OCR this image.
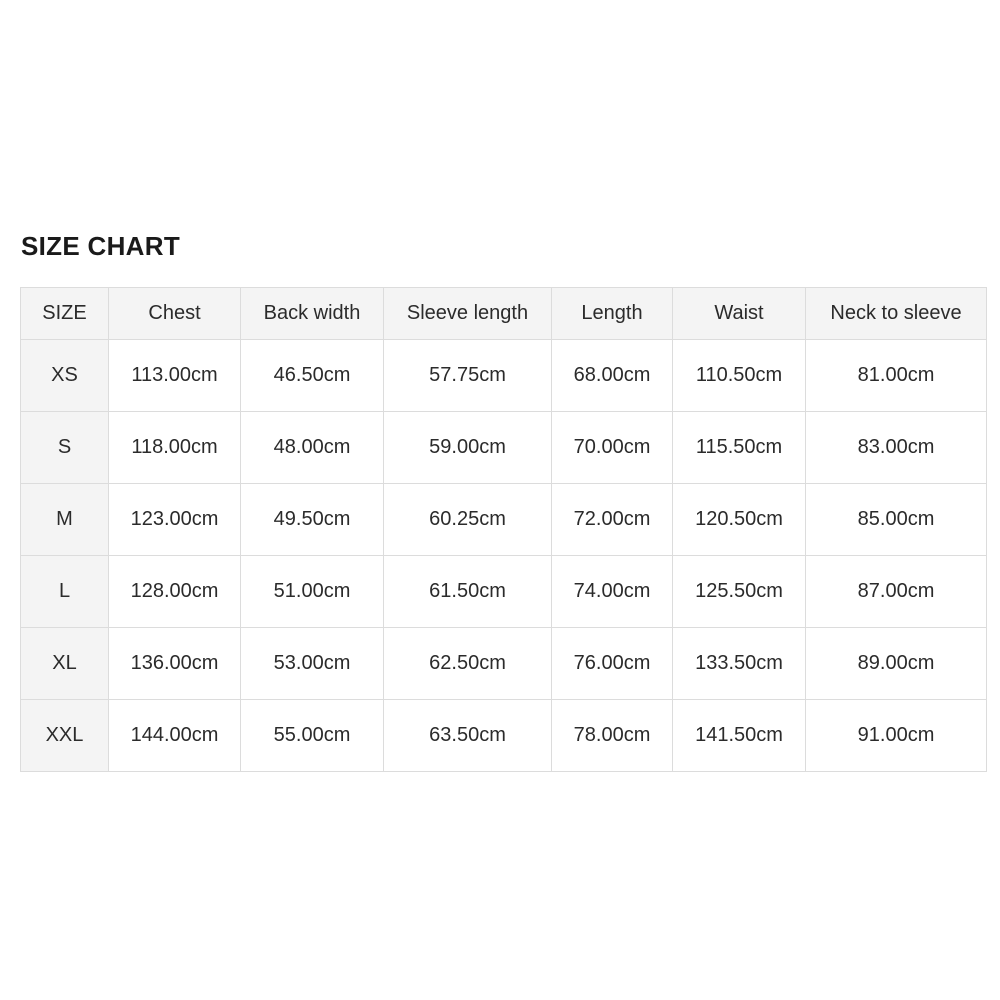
SIZE CHART
SIZE	Chest	Back width	Sleeve length	Length	Waist	Neck to sleeve
XS	113.00cm	46.50cm	57.75cm	68.00cm	110.50cm	81.00cm
S	118.00cm	48.00cm	59.00cm	70.00cm	115.50cm	83.00cm
M	123.00cm	49.50cm	60.25cm	72.00cm	120.50cm	85.00cm
L	128.00cm	51.00cm	61.50cm	74.00cm	125.50cm	87.00cm
XL	136.00cm	53.00cm	62.50cm	76.00cm	133.50cm	89.00cm
XXL	144.00cm	55.00cm	63.50cm	78.00cm	141.50cm	91.00cm
